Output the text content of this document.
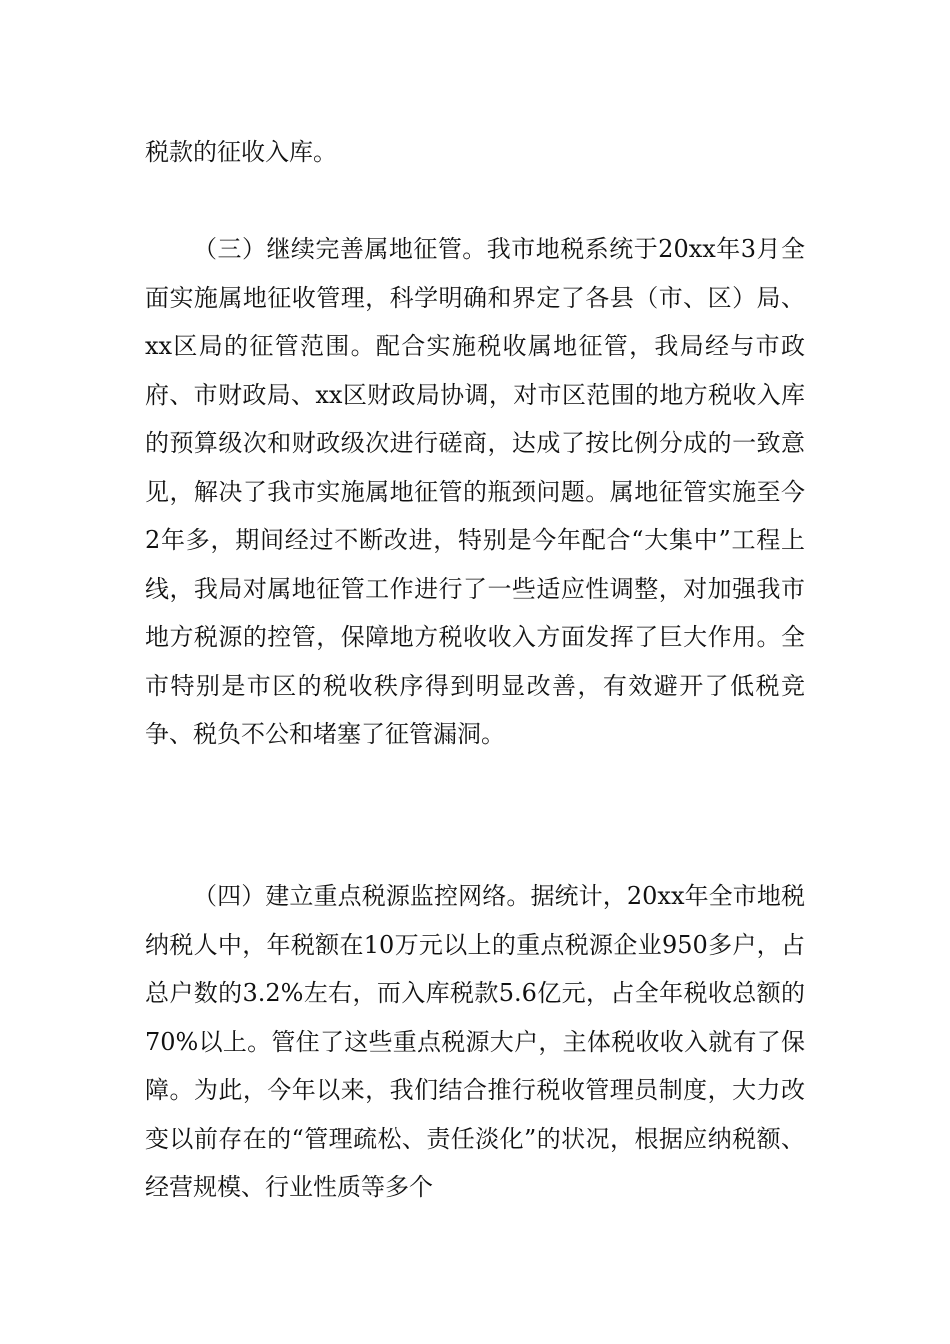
税款的征收入库。

（三）继续完善属地征管。我市地税系统于20xx年3月全面实施属地征收管理，科学明确和界定了各县（市、区）局、xx区局的征管范围。配合实施税收属地征管，我局经与市政府、市财政局、xx区财政局协调，对市区范围的地方税收入库的预算级次和财政级次进行磋商，达成了按比例分成的一致意见，解决了我市实施属地征管的瓶颈问题。属地征管实施至今2年多，期间经过不断改进，特别是今年配合“大集中”工程上线，我局对属地征管工作进行了一些适应性调整，对加强我市地方税源的控管，保障地方税收收入方面发挥了巨大作用。全市特别是市区的税收秩序得到明显改善，有效避开了低税竞争、税负不公和堵塞了征管漏洞。

（四）建立重点税源监控网络。据统计，20xx年全市地税纳税人中，年税额在10万元以上的重点税源企业950多户，占总户数的3.2%左右，而入库税款5.6亿元，占全年税收总额的70%以上。管住了这些重点税源大户，主体税收收入就有了保障。为此，今年以来，我们结合推行税收管理员制度，大力改变以前存在的“管理疏松、责任淡化”的状况，根据应纳税额、经营规模、行业性质等多个
